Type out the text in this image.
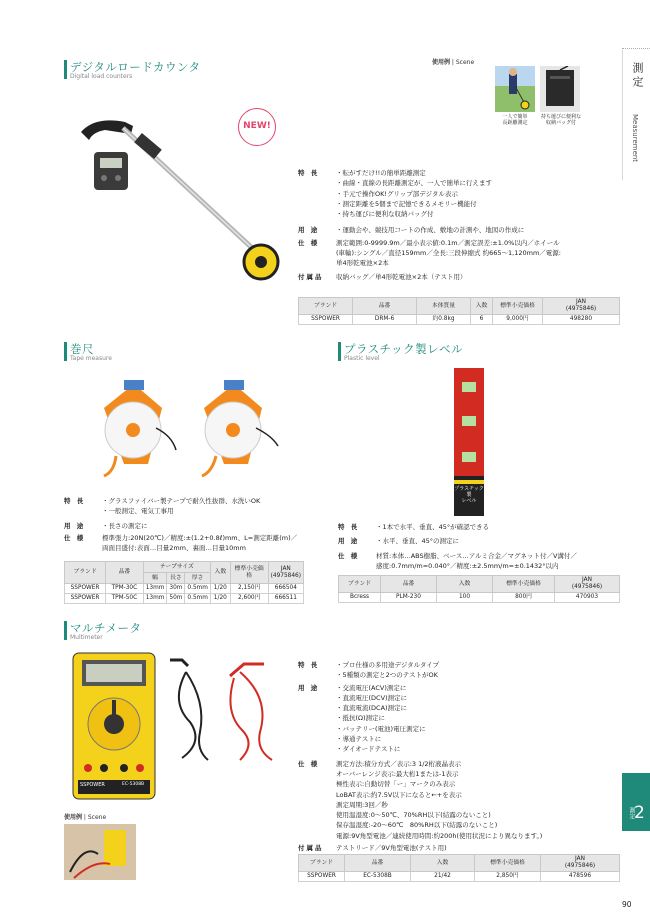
測定
Measurement
測定 2
90
デジタルロードカウンタ
Digital load counters
使用例 | Scene
一人で簡単
長距離測定
持ち運びに便利な
収納バッグ付
NEW!
特 長	・転がすだけ!!の簡単距離測定
・曲線・直線の長距離測定が、一人で簡単に行えます
・手元で操作OK!グリップ部デジタル表示
・測定距離を5個まで記憶できるメモリー機能付
・持ち運びに便利な収納バッグ付
用 途	・運動会や、競技用コートの作成、敷地の計測や、地図の作成に
仕 様	測定範囲:0-9999.9m／最小表示値:0.1m／測定誤差:±1.0%以内／ホイール
(車輪):シングル／直径159mm／全長:三段伸縮式 約665〜1,120mm／電源:
単4形乾電池×2本
付属品	収納バッグ／単4形乾電池×2本（テスト用）
ブランド	品番	本体質量	入数	標準小売価格	JAN
(4975846)
SSPOWER	DRM-6	約0.8kg	6	9,000円	498280
巻尺
Tape measure
特 長	・グラスファイバー製テープで耐久性抜群、水洗いOK
・一般測定、電気工事用
用 途	・長さの測定に
仕 様	標準張力:20N(20℃)／精度:±(1.2+0.8ℓ)mm、L=測定距離(m)／
両面目盛付:表面…目量2mm、裏面…目量10mm
ブランド	品番	テープサイズ			入数	標準小売価格	JAN
(4975846)
		幅	長さ	厚さ			
SSPOWER	TPM-30C	13mm	30m	0.5mm	1/20	2,150円	666504
SSPOWER	TPM-50C	13mm	50m	0.5mm	1/20	2,600円	666511
プラスチック製レベル
Plastic level
プラスチック製
レベル
特 長	・1本で水平、垂直、45°が確認できる
用 途	・水平、垂直、45°の測定に
仕 様	材質:本体…ABS樹脂、ベース…アルミ合金／マグネット付／V溝付／
感度:0.7mm/m=0.040°／精度:±2.5mm/m=±0.1432°以内
ブランド	品番	入数	標準小売価格	JAN
(4975846)
Bcress	PLM-230	100	800円	470903
マルチメータ
Multimeter
SSPOWER	EC-5308B
使用例 | Scene
特 長	・プロ仕様の多用途デジタルタイプ
・5種類の測定と2つのテストがOK
用 途	・交流電圧(ACV)測定に
・直流電圧(DCV)測定に
・直流電流(DCA)測定に
・抵抗(Ω)測定に
・バッテリー(電池)電圧測定に
・導通テストに
・ダイオードテストに
仕 様	測定方法:積分方式／表示:3 1/2桁液晶表示
オーバーレンジ表示:最大桁1または-1表示
極性表示:自動切替「ー」マークのみ表示
LoBAT表示:約7.5V以下になると←+を表示
測定周期:3回／秒
使用温湿度:0〜50℃、70%RH以下(結露のないこと)
保存温湿度:-20〜60℃　80%RH以下(結露のないこと)
電源:9V角型電池／連続使用時間:約200h(使用状況により異なります。)
付属品	テストリード／9V角型電池(テスト用)
ブランド	品番	入数	標準小売価格	JAN
(4975846)
SSPOWER	EC-5308B	21/42	2,850円	478596
